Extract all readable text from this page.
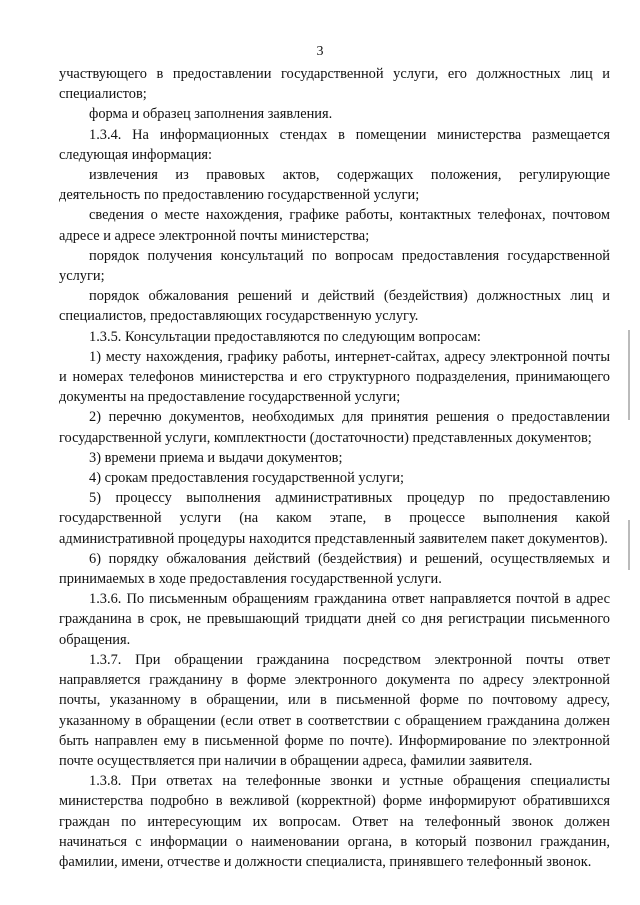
3

участвующего в предоставлении государственной услуги, его должностных лиц и специалистов;

форма и образец заполнения заявления.

1.3.4. На информационных стендах в помещении министерства размещается следующая информация:

извлечения из правовых актов, содержащих положения, регулирующие деятельность по предоставлению государственной услуги;

сведения о месте нахождения, графике работы, контактных телефонах, почтовом адресе и адресе электронной почты министерства;

порядок получения консультаций по вопросам предоставления государственной услуги;

порядок обжалования решений и действий (бездействия) должностных лиц и специалистов, предоставляющих государственную услугу.

1.3.5. Консультации предоставляются по следующим вопросам:

1) месту нахождения, графику работы, интернет-сайтах, адресу электронной почты и номерах телефонов министерства и его структурного подразделения, принимающего документы на предоставление государственной услуги;

2) перечню документов, необходимых для принятия решения о предоставлении государственной услуги, комплектности (достаточности) представленных документов;

3) времени приема и выдачи документов;

4) срокам предоставления государственной услуги;

5) процессу выполнения административных процедур по предоставлению государственной услуги (на каком этапе, в процессе выполнения какой административной процедуры находится представленный заявителем пакет документов).

6) порядку обжалования действий (бездействия) и решений, осуществляемых и принимаемых в ходе предоставления государственной услуги.

1.3.6. По письменным обращениям гражданина ответ направляется почтой в адрес гражданина в срок, не превышающий тридцати дней со дня регистрации письменного обращения.

1.3.7. При обращении гражданина посредством электронной почты ответ направляется гражданину в форме электронного документа по адресу электронной почты, указанному в обращении, или в письменной форме по почтовому адресу, указанному в обращении (если ответ в соответствии с обращением гражданина должен быть направлен ему в письменной форме по почте). Информирование по электронной почте осуществляется при наличии в обращении адреса, фамилии заявителя.

1.3.8. При ответах на телефонные звонки и устные обращения специалисты министерства подробно в вежливой (корректной) форме информируют обратившихся граждан по интересующим их вопросам. Ответ на телефонный звонок должен начинаться с информации о наименовании органа, в который позвонил гражданин, фамилии, имени, отчестве и должности специалиста, принявшего телефонный звонок.
